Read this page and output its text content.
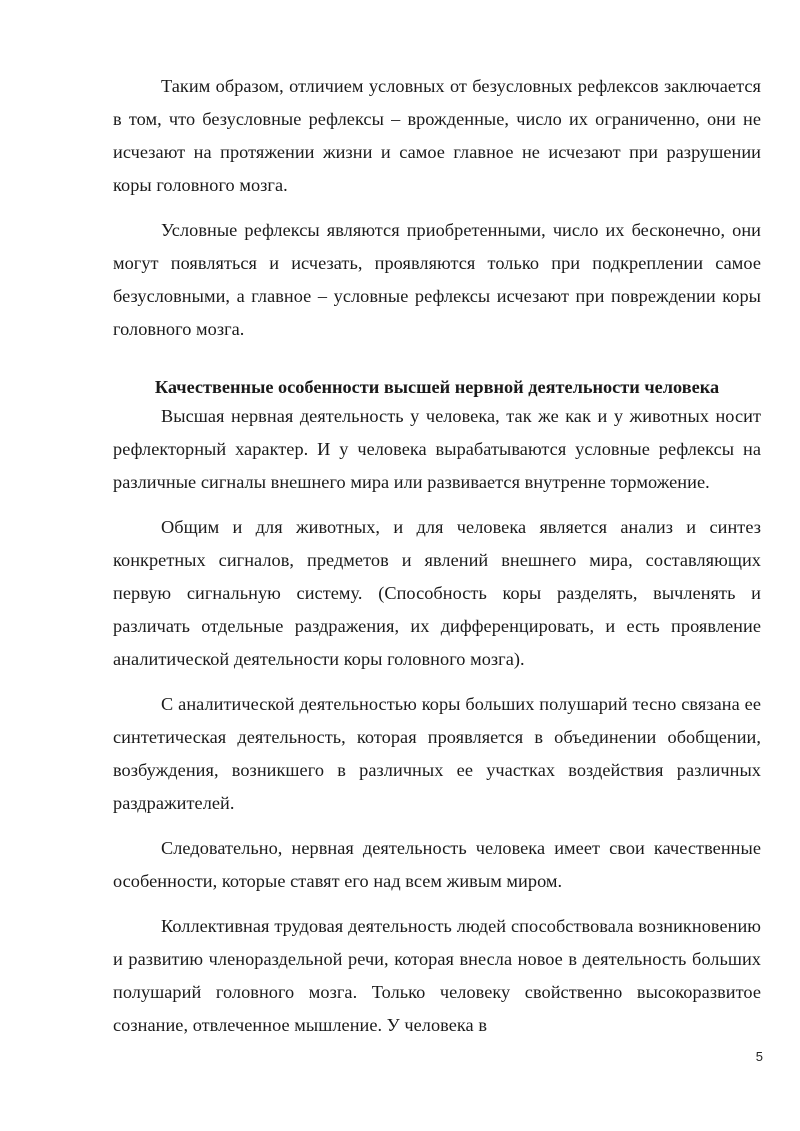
Таким образом, отличием условных от безусловных рефлексов заключается в том, что безусловные рефлексы – врожденные, число их ограниченно, они не исчезают на протяжении жизни и самое главное не исчезают при разрушении коры головного мозга.

Условные рефлексы являются приобретенными, число их бесконечно, они могут появляться и исчезать, проявляются только при подкреплении самое безусловными, а главное – условные рефлексы исчезают при повреждении коры головного мозга.

Качественные особенности высшей нервной деятельности человека

Высшая нервная деятельность у человека, так же как и у животных носит рефлекторный характер. И у человека вырабатываются условные рефлексы на различные сигналы внешнего мира или развивается внутренне торможение.

Общим и для животных, и для человека является анализ и синтез конкретных сигналов, предметов и явлений внешнего мира, составляющих первую сигнальную систему. (Способность коры разделять, вычленять и различать отдельные раздражения, их дифференцировать, и есть проявление аналитической деятельности коры головного мозга).

С аналитической деятельностью коры больших полушарий тесно связана ее синтетическая деятельность, которая проявляется в объединении обобщении, возбуждения, возникшего в различных ее участках воздействия различных раздражителей.

Следовательно, нервная деятельность человека имеет свои качественные особенности, которые ставят его над всем живым миром.

Коллективная трудовая деятельность людей способствовала возникновению и развитию членораздельной речи, которая внесла новое в деятельность больших полушарий головного мозга. Только человеку свойственно высокоразвитое сознание, отвлеченное мышление. У человека в

5
